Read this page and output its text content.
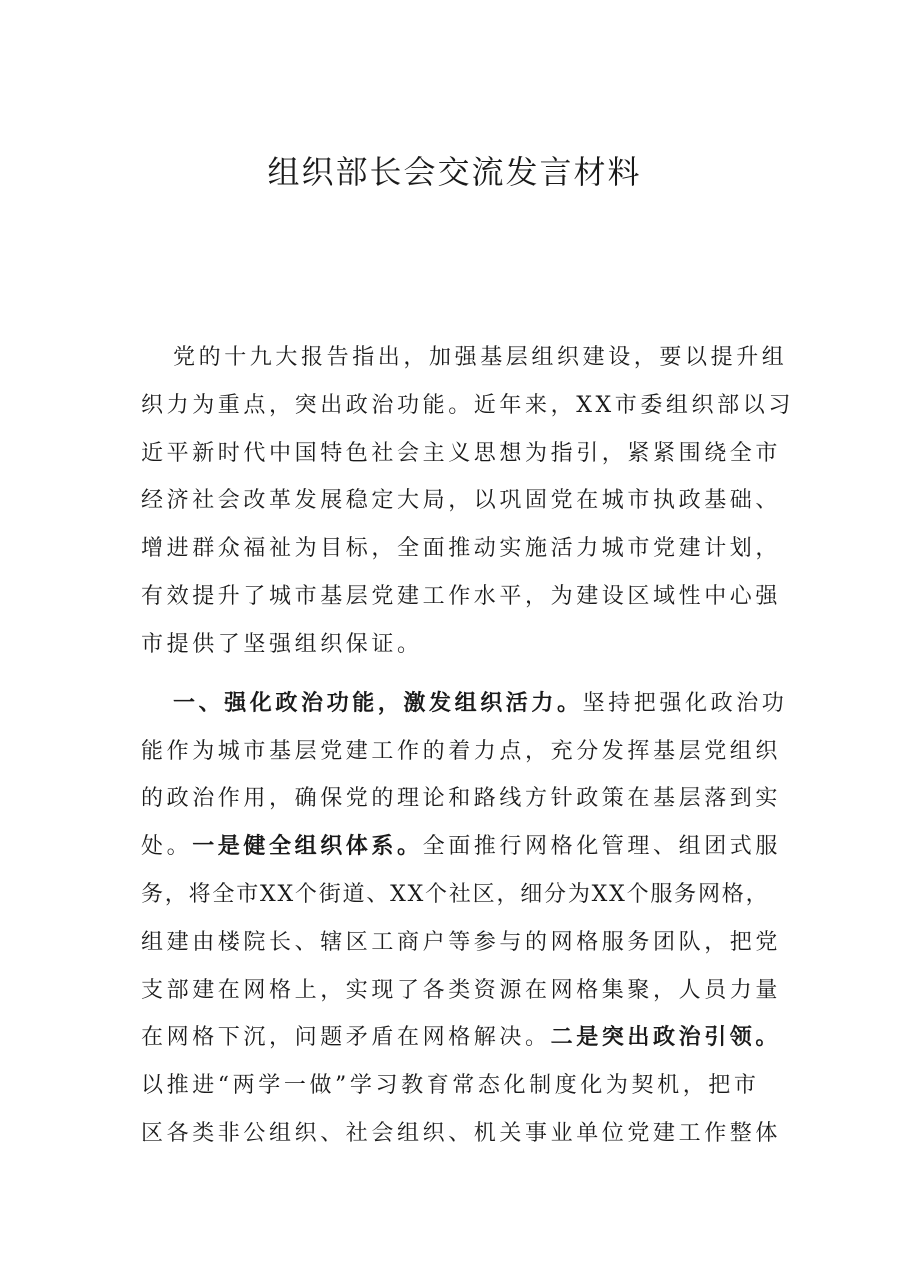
组织部长会交流发言材料
党的十九大报告指出，加强基层组织建设，要以提升组
织力为重点，突出政治功能。近年来，XX市委组织部以习
近平新时代中国特色社会主义思想为指引，紧紧围绕全市
经济社会改革发展稳定大局，以巩固党在城市执政基础、
增进群众福祉为目标，全面推动实施活力城市党建计划，
有效提升了城市基层党建工作水平，为建设区域性中心强
市提供了坚强组织保证。
一、强化政治功能，激发组织活力。坚持把强化政治功
能作为城市基层党建工作的着力点，充分发挥基层党组织
的政治作用，确保党的理论和路线方针政策在基层落到实
处。一是健全组织体系。全面推行网格化管理、组团式服
务，将全市XX个街道、XX个社区，细分为XX个服务网格，
组建由楼院长、辖区工商户等参与的网格服务团队，把党
支部建在网格上，实现了各类资源在网格集聚，人员力量
在网格下沉，问题矛盾在网格解决。二是突出政治引领。
以推进“两学一做”学习教育常态化制度化为契机，把市
区各类非公组织、社会组织、机关事业单位党建工作整体
